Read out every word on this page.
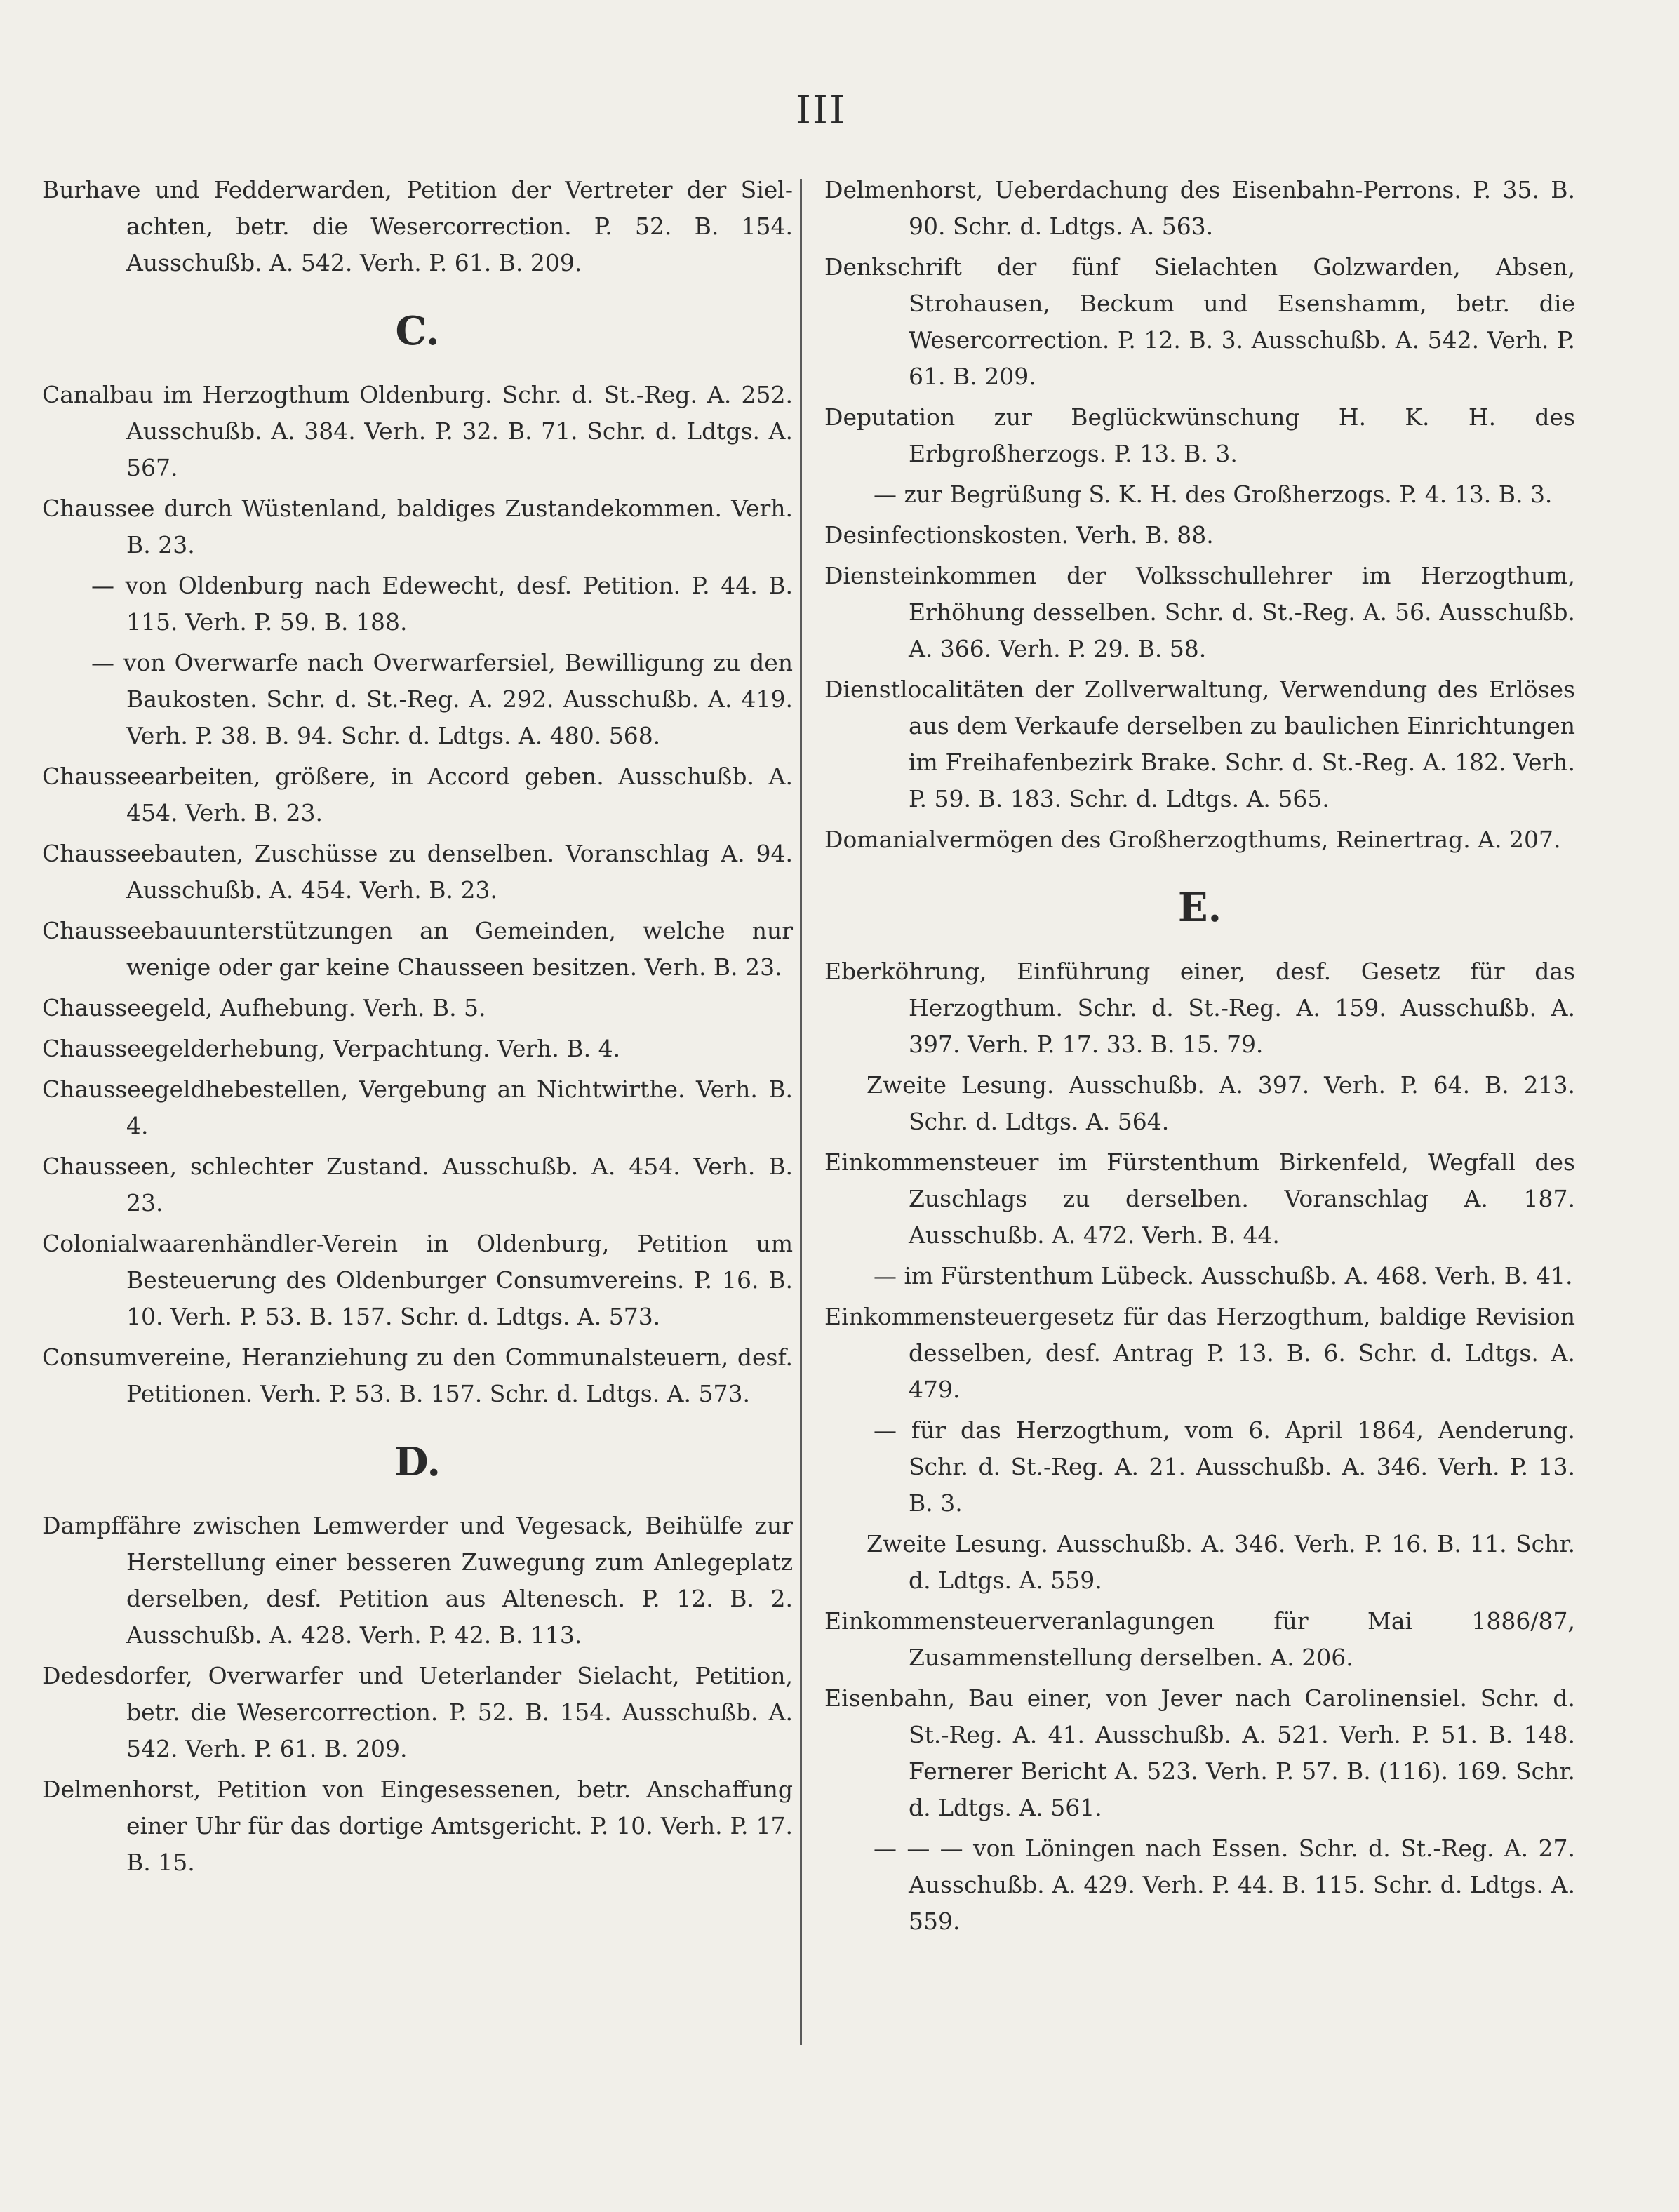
III
Burhave und Fedderwarden, Petition der Vertreter der Siel-achten, betr. die Wesercorrection. P. 52. B. 154. Ausschußb. A. 542. Verh. P. 61. B. 209.
C.
Canalbau im Herzogthum Oldenburg. Schr. d. St.-Reg. A. 252. Ausschußb. A. 384. Verh. P. 32. B. 71. Schr. d. Ldtgs. A. 567.
Chaussee durch Wüstenland, baldiges Zustandekommen. Verh. B. 23.
— von Oldenburg nach Edewecht, desf. Petition. P. 44. B. 115. Verh. P. 59. B. 188.
— von Overwarfe nach Overwarfersiel, Bewilligung zu den Baukosten. Schr. d. St.-Reg. A. 292. Ausschußb. A. 419. Verh. P. 38. B. 94. Schr. d. Ldtgs. A. 480. 568.
Chausseearbeiten, größere, in Accord geben. Ausschußb. A. 454. Verh. B. 23.
Chausseebauten, Zuschüsse zu denselben. Voranschlag A. 94. Ausschußb. A. 454. Verh. B. 23.
Chausseebauunterstützungen an Gemeinden, welche nur wenige oder gar keine Chausseen besitzen. Verh. B. 23.
Chausseegeld, Aufhebung. Verh. B. 5.
Chausseegelderhebung, Verpachtung. Verh. B. 4.
Chausseegeldhebestellen, Vergebung an Nichtwirthe. Verh. B. 4.
Chausseen, schlechter Zustand. Ausschußb. A. 454. Verh. B. 23.
Colonialwaarenhändler-Verein in Oldenburg, Petition um Besteuerung des Oldenburger Consumvereins. P. 16. B. 10. Verh. P. 53. B. 157. Schr. d. Ldtgs. A. 573.
Consumvereine, Heranziehung zu den Communalsteuern, desf. Petitionen. Verh. P. 53. B. 157. Schr. d. Ldtgs. A. 573.
D.
Dampffähre zwischen Lemwerder und Vegesack, Beihülfe zur Herstellung einer besseren Zuwegung zum Anlegeplatz derselben, desf. Petition aus Altenesch. P. 12. B. 2. Ausschußb. A. 428. Verh. P. 42. B. 113.
Dedesdorfer, Overwarfer und Ueterlander Sielacht, Petition, betr. die Wesercorrection. P. 52. B. 154. Ausschußb. A. 542. Verh. P. 61. B. 209.
Delmenhorst, Petition von Eingesessenen, betr. Anschaffung einer Uhr für das dortige Amtsgericht. P. 10. Verh. P. 17. B. 15.
Delmenhorst, Ueberdachung des Eisenbahn-Perrons. P. 35. B. 90. Schr. d. Ldtgs. A. 563.
Denkschrift der fünf Sielachten Golzwarden, Absen, Strohausen, Beckum und Esenshamm, betr. die Wesercorrection. P. 12. B. 3. Ausschußb. A. 542. Verh. P. 61. B. 209.
Deputation zur Beglückwünschung H. K. H. des Erbgroßherzogs. P. 13. B. 3.
— zur Begrüßung S. K. H. des Großherzogs. P. 4. 13. B. 3.
Desinfectionskosten. Verh. B. 88.
Diensteinkommen der Volksschullehrer im Herzogthum, Erhöhung desselben. Schr. d. St.-Reg. A. 56. Ausschußb. A. 366. Verh. P. 29. B. 58.
Dienstlocalitäten der Zollverwaltung, Verwendung des Erlöses aus dem Verkaufe derselben zu baulichen Einrichtungen im Freihafenbezirk Brake. Schr. d. St.-Reg. A. 182. Verh. P. 59. B. 183. Schr. d. Ldtgs. A. 565.
Domanialvermögen des Großherzogthums, Reinertrag. A. 207.
E.
Eberköhrung, Einführung einer, desf. Gesetz für das Herzogthum. Schr. d. St.-Reg. A. 159. Ausschußb. A. 397. Verh. P. 17. 33. B. 15. 79.
Zweite Lesung. Ausschußb. A. 397. Verh. P. 64. B. 213. Schr. d. Ldtgs. A. 564.
Einkommensteuer im Fürstenthum Birkenfeld, Wegfall des Zuschlags zu derselben. Voranschlag A. 187. Ausschußb. A. 472. Verh. B. 44.
— im Fürstenthum Lübeck. Ausschußb. A. 468. Verh. B. 41.
Einkommensteuergesetz für das Herzogthum, baldige Revision desselben, desf. Antrag P. 13. B. 6. Schr. d. Ldtgs. A. 479.
— für das Herzogthum, vom 6. April 1864, Aenderung. Schr. d. St.-Reg. A. 21. Ausschußb. A. 346. Verh. P. 13. B. 3.
Zweite Lesung. Ausschußb. A. 346. Verh. P. 16. B. 11. Schr. d. Ldtgs. A. 559.
Einkommensteuerveranlagungen für Mai 1886/87, Zusammenstellung derselben. A. 206.
Eisenbahn, Bau einer, von Jever nach Carolinensiel. Schr. d. St.-Reg. A. 41. Ausschußb. A. 521. Verh. P. 51. B. 148. Fernerer Bericht A. 523. Verh. P. 57. B. (116). 169. Schr. d. Ldtgs. A. 561.
— — — von Löningen nach Essen. Schr. d. St.-Reg. A. 27. Ausschußb. A. 429. Verh. P. 44. B. 115. Schr. d. Ldtgs. A. 559.
